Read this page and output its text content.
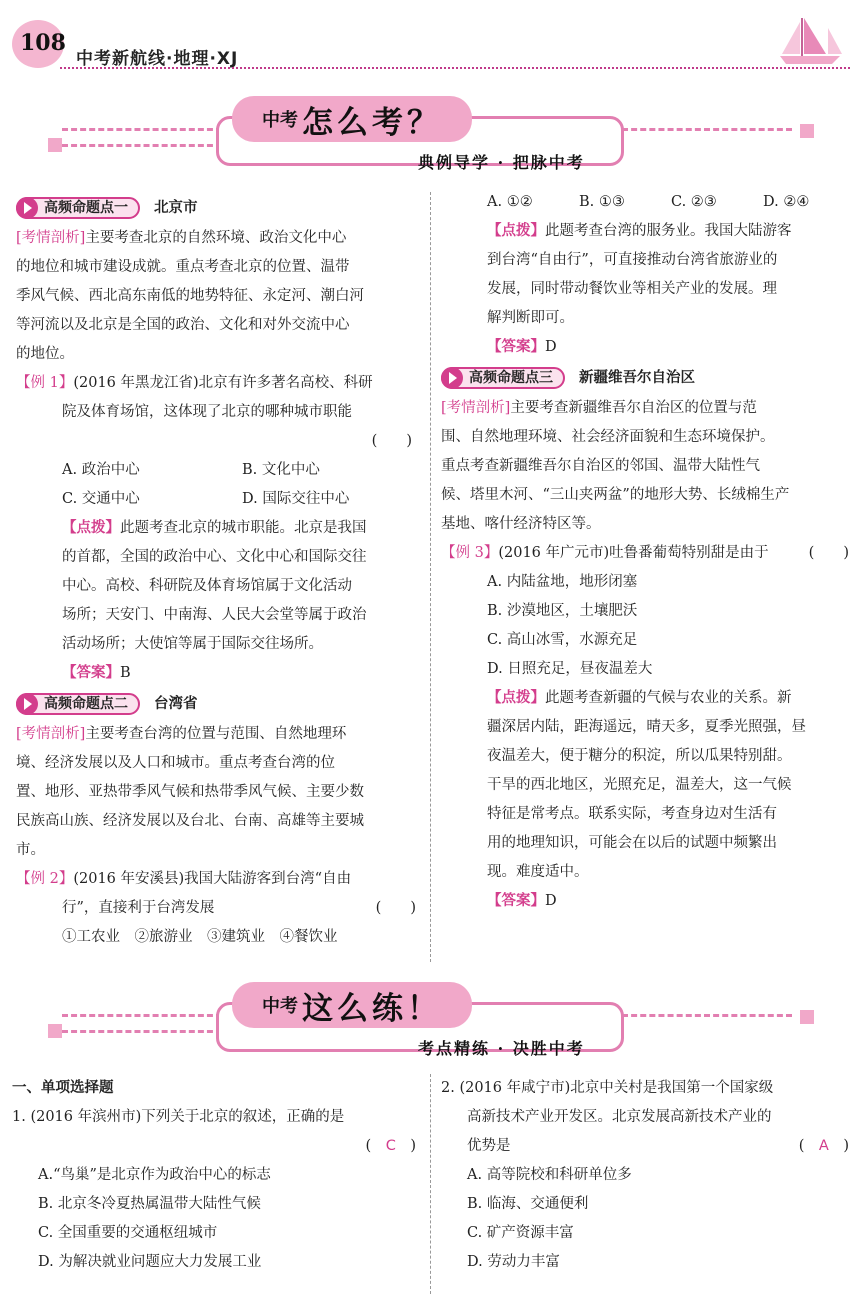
108
中考新航线·地理·XJ
中考 怎么考？
典例导学 · 把脉中考
高频命题点一 北京市
[考情剖析]主要考查北京的自然环境、政治文化中心
的地位和城市建设成就。重点考查北京的位置、温带
季风气候、西北高东南低的地势特征、永定河、潮白河
等河流以及北京是全国的政治、文化和对外交流中心
的地位。
【例 1】(2016 年黑龙江省)北京有许多著名高校、科研
院及体育场馆，这体现了北京的哪种城市职能
(　　)
A. 政治中心	B. 文化中心
C. 交通中心	D. 国际交往中心
【点拨】此题考查北京的城市职能。北京是我国
的首都，全国的政治中心、文化中心和国际交往
中心。高校、科研院及体育场馆属于文化活动
场所；天安门、中南海、人民大会堂等属于政治
活动场所；大使馆等属于国际交往场所。
【答案】B
高频命题点二 台湾省
[考情剖析]主要考查台湾的位置与范围、自然地理环
境、经济发展以及人口和城市。重点考查台湾的位
置、地形、亚热带季风气候和热带季风气候、主要少数
民族高山族、经济发展以及台北、台南、高雄等主要城
市。
【例 2】(2016 年安溪县)我国大陆游客到台湾“自由
行”，直接利于台湾发展	(　　)
①工农业　②旅游业　③建筑业　④餐饮业
A. ①②	B. ①③	C. ②③	D. ②④
【点拨】此题考查台湾的服务业。我国大陆游客
到台湾“自由行”，可直接推动台湾省旅游业的
发展，同时带动餐饮业等相关产业的发展。理
解判断即可。
【答案】D
高频命题点三 新疆维吾尔自治区
[考情剖析]主要考查新疆维吾尔自治区的位置与范
围、自然地理环境、社会经济面貌和生态环境保护。
重点考查新疆维吾尔自治区的邻国、温带大陆性气
候、塔里木河、“三山夹两盆”的地形大势、长绒棉生产
基地、喀什经济特区等。
【例 3】(2016 年广元市)吐鲁番葡萄特别甜是由于	(　　)
A. 内陆盆地，地形闭塞
B. 沙漠地区，土壤肥沃
C. 高山冰雪，水源充足
D. 日照充足，昼夜温差大
【点拨】此题考查新疆的气候与农业的关系。新
疆深居内陆，距海遥远，晴天多，夏季光照强，昼
夜温差大，便于糖分的积淀，所以瓜果特别甜。
干旱的西北地区，光照充足，温差大，这一气候
特征是常考点。联系实际，考查身边对生活有
用的地理知识，可能会在以后的试题中频繁出
现。难度适中。
【答案】D
中考 这么练！
考点精练 · 决胜中考
一、单项选择题
1. (2016 年滨州市)下列关于北京的叙述，正确的是
(　C　)
A.“鸟巢”是北京作为政治中心的标志
B. 北京冬冷夏热属温带大陆性气候
C. 全国重要的交通枢纽城市
D. 为解决就业问题应大力发展工业
2. (2016 年咸宁市)北京中关村是我国第一个国家级
高新技术产业开发区。北京发展高新技术产业的
优势是	(　A　)
A. 高等院校和科研单位多
B. 临海、交通便利
C. 矿产资源丰富
D. 劳动力丰富
